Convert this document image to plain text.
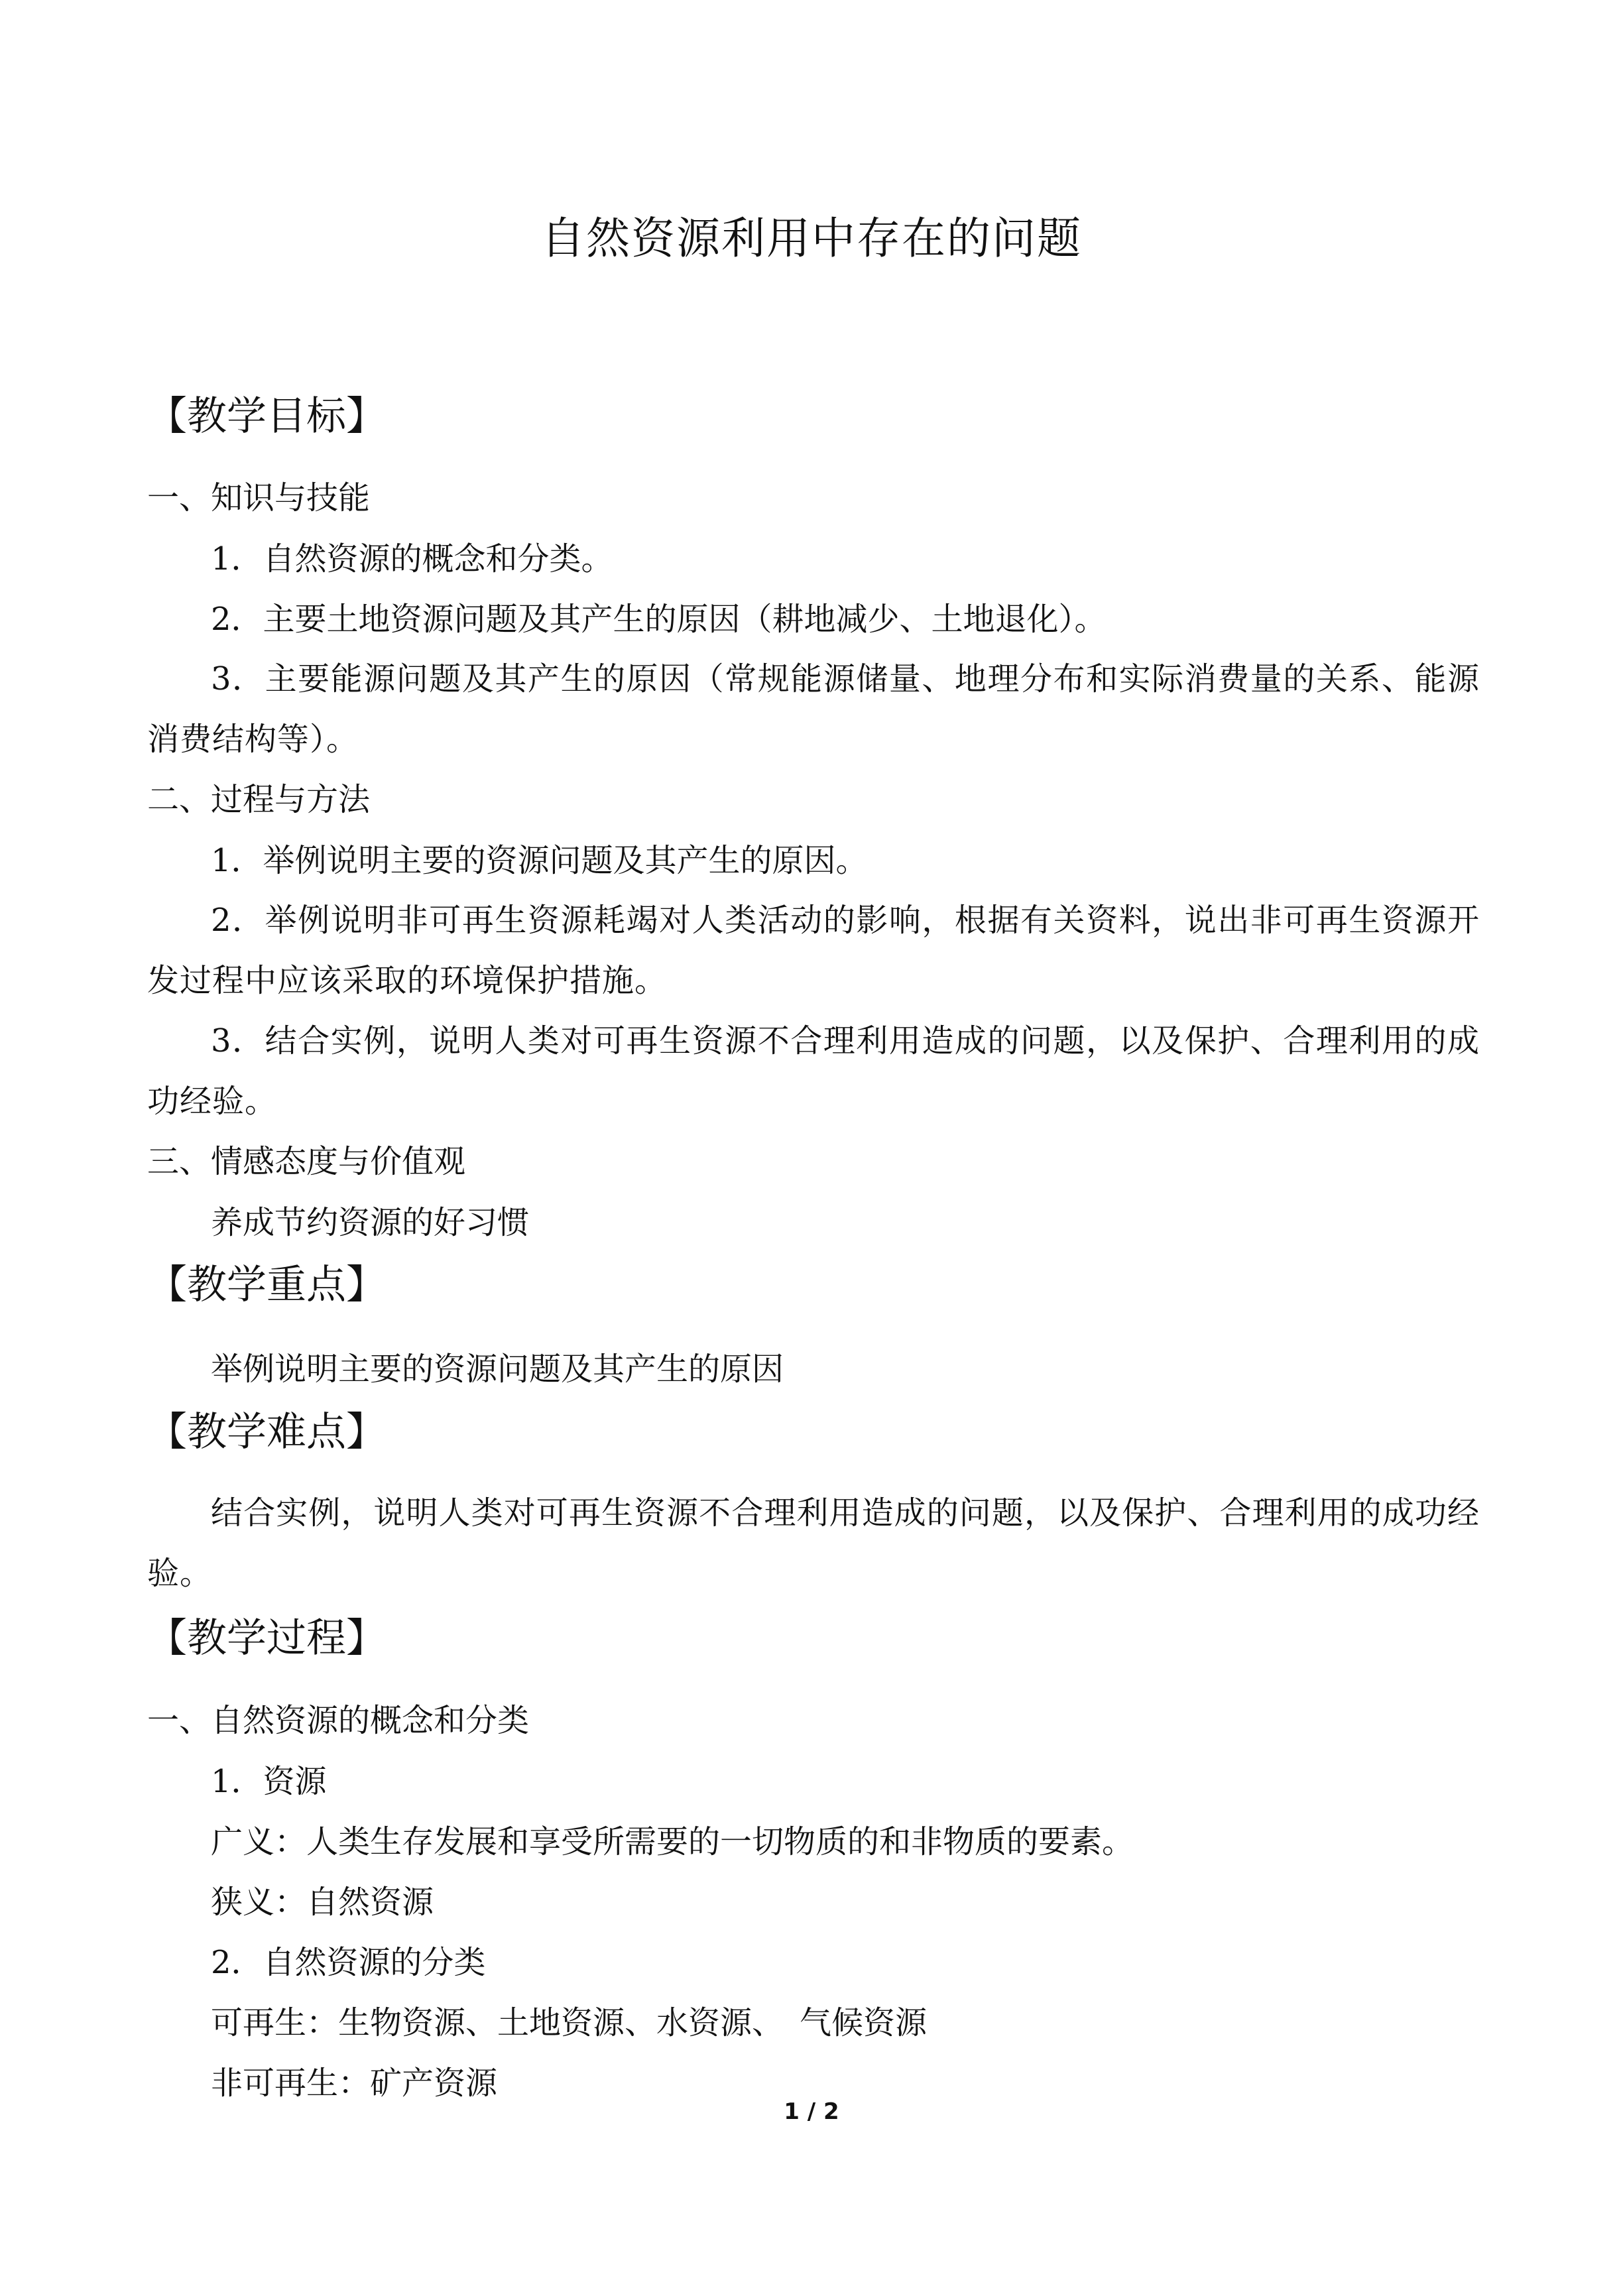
自然资源利用中存在的问题
【教学目标】
一、知识与技能
1．自然资源的概念和分类。
2．主要土地资源问题及其产生的原因（耕地减少、土地退化）。
3．主要能源问题及其产生的原因（常规能源储量、地理分布和实际消费量的关系、能源消费结构等）。
二、过程与方法
1．举例说明主要的资源问题及其产生的原因。
2．举例说明非可再生资源耗竭对人类活动的影响，根据有关资料，说出非可再生资源开发过程中应该采取的环境保护措施。
3．结合实例，说明人类对可再生资源不合理利用造成的问题，以及保护、合理利用的成功经验。
三、情感态度与价值观
养成节约资源的好习惯
【教学重点】
举例说明主要的资源问题及其产生的原因
【教学难点】
结合实例，说明人类对可再生资源不合理利用造成的问题，以及保护、合理利用的成功经验。
【教学过程】
一、自然资源的概念和分类
1．资源
广义：人类生存发展和享受所需要的一切物质的和非物质的要素。
狭义：自然资源
2．自然资源的分类
可再生：生物资源、土地资源、水资源、　气候资源
非可再生：矿产资源
1 / 2
